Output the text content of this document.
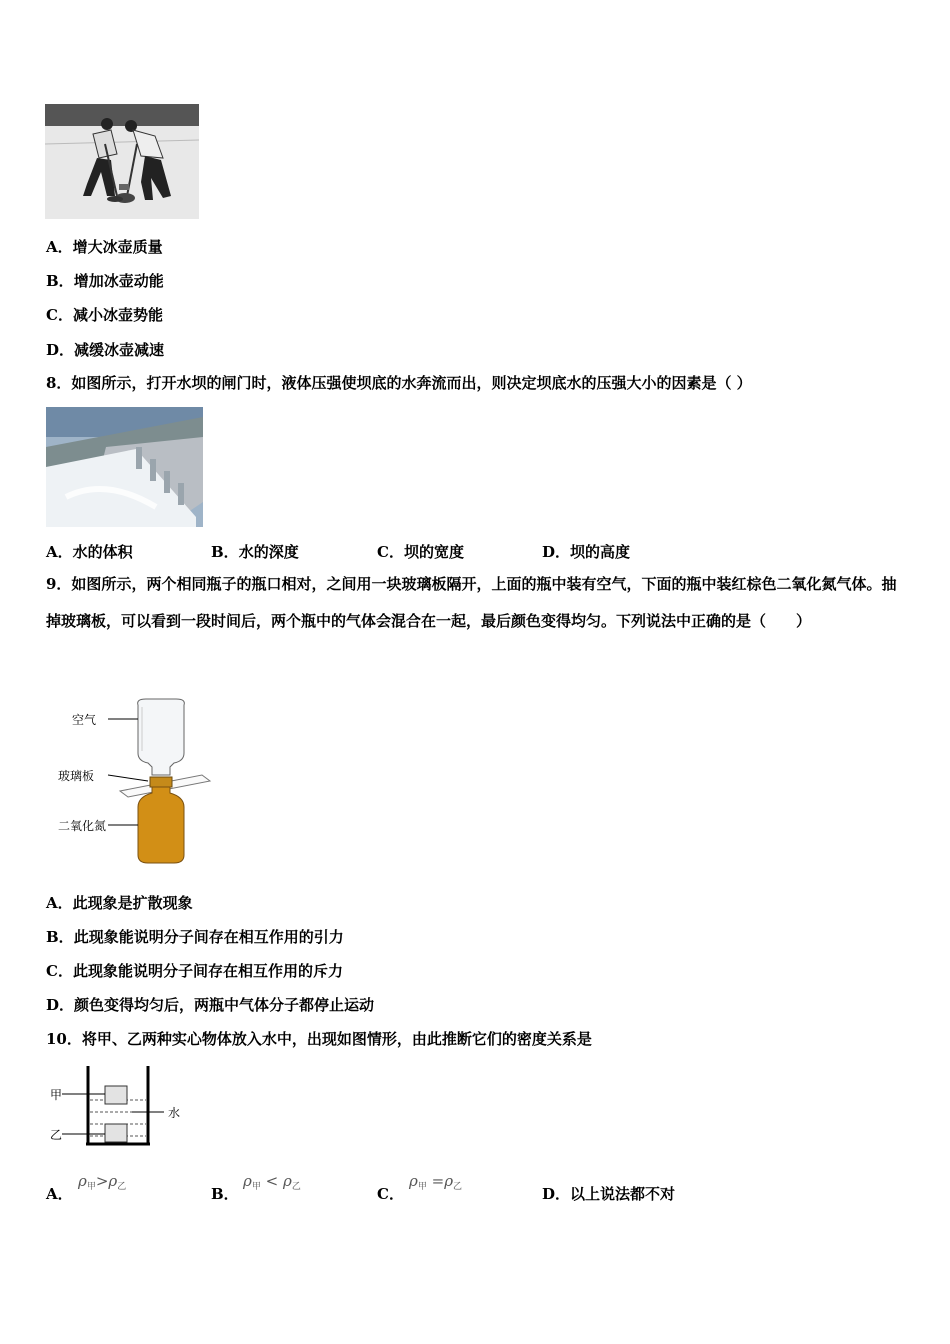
A．增大冰壶质量
B．增加冰壶动能
C．减小冰壶势能
D．减缓冰壶减速
8．如图所示，打开水坝的闸门时，液体压强使坝底的水奔流而出，则决定坝底水的压强大小的因素是（ ）
A．水的体积	B．水的深度	C．坝的宽度	D．坝的高度
9．如图所示，两个相同瓶子的瓶口相对，之间用一块玻璃板隔开，上面的瓶中装有空气，下面的瓶中装红棕色二氧化氮气体。抽掉玻璃板，可以看到一段时间后，两个瓶中的气体会混合在一起，最后颜色变得均匀。下列说法中正确的是（　　）
空气
玻璃板
二氧化氮
A．此现象是扩散现象
B．此现象能说明分子间存在相互作用的引力
C．此现象能说明分子间存在相互作用的斥力
D．颜色变得均匀后，两瓶中气体分子都停止运动
10．将甲、乙两种实心物体放入水中，出现如图情形，由此推断它们的密度关系是
甲
乙
水
A．
$\rho_甲>\rho_乙$	B．
$\rho_甲 < \rho_乙$	C．
$\rho_甲 =\rho_乙$	D．以上说法都不对
